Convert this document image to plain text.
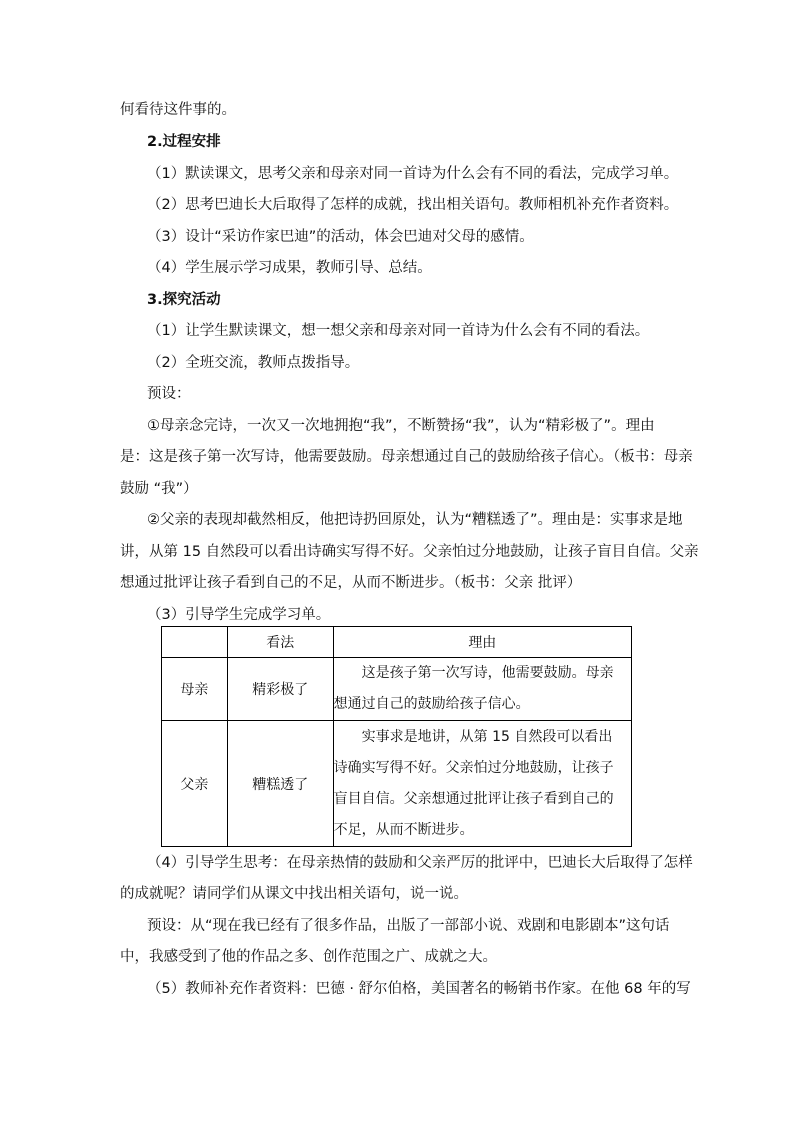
何看待这件事的。
2.过程安排
（1）默读课文，思考父亲和母亲对同一首诗为什么会有不同的看法，完成学习单。
（2）思考巴迪长大后取得了怎样的成就，找出相关语句。教师相机补充作者资料。
（3）设计“采访作家巴迪”的活动，体会巴迪对父母的感情。
（4）学生展示学习成果，教师引导、总结。
3.探究活动
（1）让学生默读课文，想一想父亲和母亲对同一首诗为什么会有不同的看法。
（2）全班交流，教师点拨指导。
预设：
①母亲念完诗，一次又一次地拥抱“我”，不断赞扬“我”，认为“精彩极了”。理由
是：这是孩子第一次写诗，他需要鼓励。母亲想通过自己的鼓励给孩子信心。（板书：母亲
鼓励 “我”）
②父亲的表现却截然相反，他把诗扔回原处，认为“糟糕透了”。理由是：实事求是地
讲，从第 15 自然段可以看出诗确实写得不好。父亲怕过分地鼓励，让孩子盲目自信。父亲
想通过批评让孩子看到自己的不足，从而不断进步。（板书：父亲 批评）
（3）引导学生完成学习单。
	看法	理由
母亲	精彩极了	这是孩子第一次写诗，他需要鼓励。母亲
想通过自己的鼓励给孩子信心。

父亲	糟糕透了	实事求是地讲，从第 15 自然段可以看出
诗确实写得不好。父亲怕过分地鼓励，让孩子
盲目自信。父亲想通过批评让孩子看到自己的
不足，从而不断进步。
（4）引导学生思考：在母亲热情的鼓励和父亲严厉的批评中，巴迪长大后取得了怎样
的成就呢？请同学们从课文中找出相关语句，说一说。
预设：从“现在我已经有了很多作品，出版了一部部小说、戏剧和电影剧本”这句话
中，我感受到了他的作品之多、创作范围之广、成就之大。
（5）教师补充作者资料：巴德 · 舒尔伯格，美国著名的畅销书作家。在他 68 年的写
